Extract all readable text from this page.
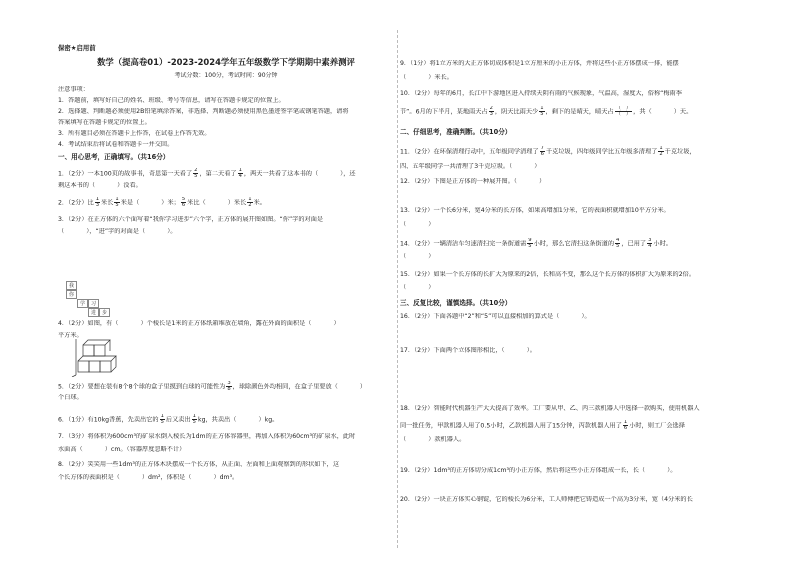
保密★启用前
数学（提高卷01）-2023-2024学年五年级数学下学期期中素养测评
考试分数：100分，考试时间：90分钟
注意事项：
1．答题前，填写好自己的姓名、班级、考号等信息，请写在答题卡规定的位置上。
2．选择题、判断题必须使用2B铅笔填涂答案，非选择、判断题必须使用黑色墨迹签字笔或钢笔答题，请将
答案填写在答题卡规定的位置上。
3．所有题目必须在答题卡上作答，在试卷上作答无效。
4．考试结束后将试卷和答题卡一并交回。
一、用心思考，正确填写。（共16分）
1．（2分）一本100页的故事书，奇思第一天看了 $\frac{2}{5}$ ，第二天看了 $\frac{1}{4}$ ，两天一共看了这本书的（	），还
剩这本书的（	）没看。
2．（2分）比 $\frac{1}{3}$ 米长 $\frac{1}{5}$ 米是（	）米； $\frac{5}{6}$ 米比（	）米长 $\frac{1}{2}$ 米。
3．（2分）在正方体的六个面写着“我你学习进步”六个字，正方体的展开图如图。“你”字的对面是
（	），“进”字的对面是（	）。
我
你
学	习
进	步
4．（2分）如图，有（	）个棱长是1米的正方体纸箱堆放在墙角，露在外面的面积是（	）
平方米。
5．（2分）要想在装有8个8个球的盒子里摸到白球的可能性为 $\frac{3}{8}$ ，球除颜色外均相同，在盒子里要放（	）
个白球。
6．（1分）有10kg香蕉，先卖出它的 $\frac{1}{5}$ 后又卖出 $\frac{1}{5}$ kg，共卖出（	）kg。
7．（3分）将体积为600cm³的矿泉水倒入棱长为1dm的正方体容器里，再加入体积为60cm³的矿泉水，此时
水面高（	）cm。（容器厚度忽略不计）
8．（2分）笑笑用一些1dm³的正方体木块摆成一个长方体，从正面、左面和上面观察到的形状如下，这
个长方体的表面积是（	）dm²，体积是（	）dm³。
9．（1分）将1立方米的大正方体切成体积是1立方厘米的小正方体，并将这些小正方体摆成一排，能摆
（	）米长。
10．（2分）每年的6月，长江中下游地区进入持续天阴有雨的气候现象，气温高，湿度大，俗称“梅雨季
节”。6月的下半月，某地雨天占 $\frac{2}{3}$ ，阴天比雨天少 $\frac{1}{5}$ ，剩下的是晴天，晴天占 $\frac{( )}{( )}$ ，共（	）天。
二、仔细思考，准确判断。（共10分）
11．（2分）在环保清理行动中，五年级同学清理了 $\frac{7}{6}$ 千克垃圾，四年级同学比五年级多清理了 $\frac{1}{2}$ 千克垃圾，
四、五年级同学一共清理了3千克垃圾。（	）
12．（2分）下图是正方体的一种展开图。（	）
13．（2分）一个长6分米，宽4分米的长方体，如果高增加1分米，它的表面积就增加10平方分米。
（	）
14．（2分）一辆清洁车匀速清扫完一条街道需 $\frac{9}{5}$ 小时，那么它清扫这条街道的 $\frac{4}{5}$ ，已用了 $\frac{3}{4}$ 小时。
（	）
15．（2分）如果一个长方体的长扩大为原来的2倍，长和高不变，那么这个长方体的体积扩大为原来的2倍。
（	）
三、反复比较，谨慎选择。（共10分）
16．（2分）下面各题中“2”和“5”可以直接相加的算式是（	）。
17．（2分）下面两个立体图形相比，（	）。
18．（2分）智能时代机器生产大大提高了效率。工厂要从甲、乙、丙三款机器人中选择一款购买，使用机器人
同一批任务，甲款机器人用了0.5小时，乙款机器人用了15分钟，丙款机器人用了 $\frac{1}{6}$ 小时，则工厂会选择
（	）款机器人。
19．（2分）1dm³的正方体切分成1cm³的小正方体，然后将这些小正方体组成一长，长（	）。
20．（2分）一块正方体实心钢锭，它的棱长为6分米，工人师傅把它铸造成一个高为3分米，宽（4分米的长
